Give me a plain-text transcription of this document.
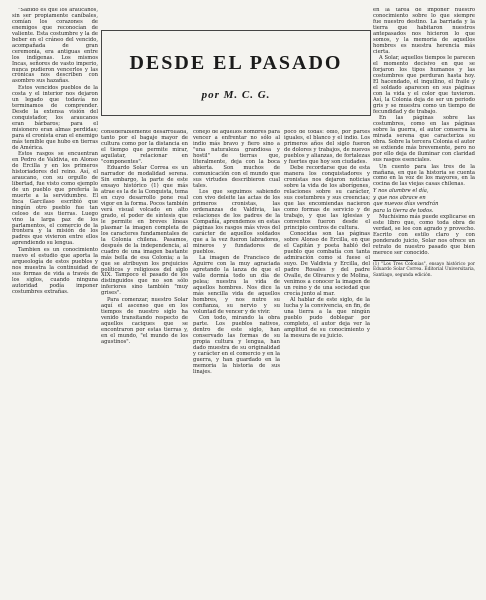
"Sabido es que los araucanos, sin ser propiamente caníbales, comían los corazones de enemigos que reconocían de valiente. Esta costumbre y la de beber en el cráneo del vencido, acompañada de gran ceremonia, era antiguas entre los indígenas. Los mismos Incas, señores de vasto imperio, nunca pudieron vencerlos y las crónicas nos describen con asombro sus hazañas.

Estos vencidos pueblos de la costa y el interior nos dejaron un legado que todavía no terminamos de comprender. Desde la extensa visión del conquistador, los araucanos eran bárbaros; para el misionero eran almas perdidas; para el cronista eran el enemigo más temible que hubo en tierras de América.

Estos rasgos se encuentran en Pedro de Valdivia, en Alonso de Ercilla y en los primeros historiadores del reino. Así, el araucano, con su orgullo de libertad, fue visto como ejemplo de un pueblo que prefería la muerte a la servidumbre. El Inca Garcilaso escribió que ningún otro pueblo fue tan celoso de sus tierras. Luego vino la larga paz de los parlamentos, el comercio de la frontera y la misión de los padres que vivieron entre ellos aprendiendo su lengua.

Tambien es un conocimiento nuevo el estudio que aporta la arqueología de estos pueblos y nos muestra la continuidad de sus formas de vida a través de los siglos, cuando ninguna autoridad podía imponer costumbres extrañas.

DESDE EL PASADO
por M. C. G.

considerablemente desarrollada, tanto por el bagaje mayor de cultura como por la distancia en el tiempo que permite mirar, aquilatar, relacionar en "componentes".

Eduardo Solar Correa es un narrador de modalidad serena. Sin embargo, la parte de este ensayo histórico (1) que más atrae es la de la Conquista, tema en cuyo desarrollo pone real vigor en la forma. Pocos también verá visual volcado en alto grado, el poder de síntesis que le permite en breves líneas plasmar la imagen completa de los caracteres fundamentales de la Colonia chilena. Pasamos, después de la independencia, al cuadro de una imagen bastante más bella de esa Colonia; a la que se atribuyen los prejuicios políticos y religiosos del siglo XIX. Tampoco el pasado de los distinguidos que no son sólo inferiores sino también "muy grises".

Para comenzar, nuestro Solar aquí el ascenso que en los tiempos de nuestro siglo ha venido transitando respecto de aquellos caciques que se encontraron por estas tierras y, en el mundo, "el mundo de los agustinos".

conejo de aquellos hombres para vencer a enfrentar no sólo al indio más bravo y fiero sino a "una naturaleza grandiosa y hostil" de tierras que, literalmente, deja con la boca abierta. Son muchos de comunicación con el mundo que sus virtudes describieron cual tales.

Los que seguimos sabiendo con vivo deleite las actas de los primeros cronistas, las ordenanzas de Valdivia, las relaciones de los padres de la Compañía, aprendemos en estas páginas los rasgos más vivos del carácter de aquellos soldados que a la vez fueron labradores, mineros y fundadores de pueblos.

La imagen de Francisco de Aguirre con la muy agraciada apretando la lanza de que el valle dormía todo un día de pelea; nuestra la vida de aquellos hombres. Nos dice la más sencilla vida de aquellos hombres, y nos nutre su confianza, su nervio y su voluntad de vencer y de vivir.

Con todo, mirando la obra parte. Los pueblos nativos, dentro de este siglo, han conservado las formas de su propia cultura y lengua, han dado muestra de su originalidad y carácter en el comercio y en la guerra, y han guardado en la memoria la historia de sus linajes.

poco de todas: odio, por partes iguales, el blanco y el indio. Los primeros años del siglo fueron de dolores y trabajos, de nuevos pueblos y alianzas, de fortalezas y fuertes que hoy son ciudades.

Debe recordarse que de esta manera los conquistadores y cronistas nos dejaron noticias sobre la vida de los aborígenes, relaciones sobre su carácter, sus costumbres y sus creencias; que las encomiendas nacieron como formas de servicio y de trabajo, y que las iglesias y conventos fueron desde el principio centros de cultura.

Conocidas son las páginas sobre Alonso de Ercilla, en que el Capitán y poeta habló del pueblo que combatía con tanta admiración como si fuese el suyo. De Valdivia y Ercilla, del padre Rosales y del padre Ovalle, de Olivares y de Molina, venimos a conocer la imagen de un reino y de una sociedad que crecía junto al mar.

Al hablar de este siglo, de la lucha y la convivencia, en fin, de una tierra a la que ningún pueblo pudo doblegar por completo, el autor deja ver la amplitud de su conocimiento y la mesura de su juicio.

en la tarea de imponer nuestro conocimiento sobre lo que siempre fue nuestro destino. La barriada y la tierra que habitaron nuestros antepasados nos hicieron lo que somos, y la memoria de aquellos hombres es nuestra herencia más cierta.

A Solar, aquellos tiempos le parecen el momento decisivo en que se forjaron los tipos humanos y las costumbres que perduran hasta hoy. El hacendado, el inquilino, el fraile y el soldado aparecen en sus páginas con la vida y el color que tuvieron. Así, la Colonia deja de ser un periodo gris y se muestra como un tiempo de fecundidad y de trabajo.

En las páginas sobre las costumbres, como en las páginas sobre la guerra, el autor conserva la mirada serena que caracteriza su obra. Sobre la tercera Colonia el autor se extiende más brevemente, pero no por ello deja de iluminar con claridad sus rasgos esenciales.

Un cuento para las tres de la mañana, en que la historia se cuenta como en la voz de los mayores, en la cocina de las viejas casas chilenas.

Y nos alumbre el día,

y que nos abrace en

que nuevos días vendrán

para la tierra de todos.

Muchísimo más puede explicarse en este libro que, como toda obra de verdad, se lee con agrado y provecho. Escrito con estilo claro y con ponderado juicio, Solar nos ofrece un retrato de nuestro pasado que bien merece ser conocido.

(1) "Los Tres Colonias", ensayo histórico por Eduardo Solar Correa. Editorial Universitaria, Santiago, segunda edición.
